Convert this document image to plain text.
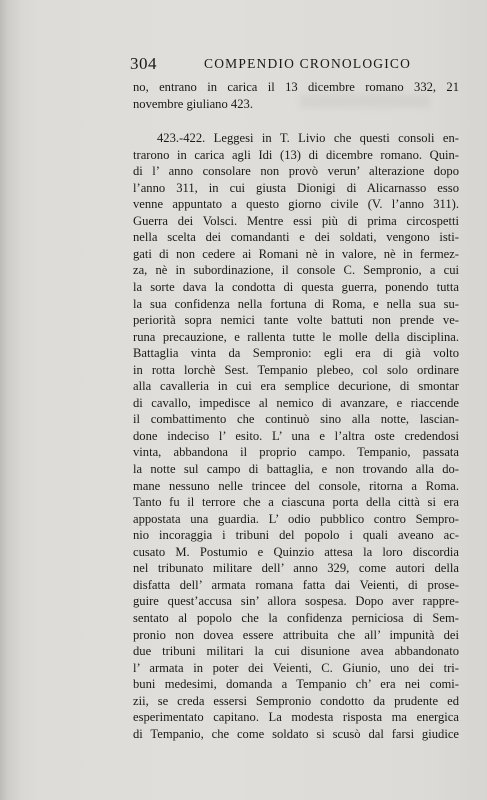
304	COMPENDIO CRONOLOGICO
no, entrano in carica il 13 dicembre romano 332, 21
novembre giuliano 423.
423.-422. Leggesi in T. Livio che questi consoli en-
trarono in carica agli Idi (13) di dicembre romano. Quin-
di l’ anno consolare non provò verun’ alterazione dopo
l’anno 311, in cui giusta Dionigi di Alicarnasso esso
venne appuntato a questo giorno civile (V. l’anno 311).
Guerra dei Volsci. Mentre essi più di prima circospetti
nella scelta dei comandanti e dei soldati, vengono isti-
gati di non cedere ai Romani nè in valore, nè in fermez-
za, nè in subordinazione, il console C. Sempronio, a cui
la sorte dava la condotta di questa guerra, ponendo tutta
la sua confidenza nella fortuna di Roma, e nella sua su-
periorità sopra nemici tante volte battuti non prende ve-
runa precauzione, e rallenta tutte le molle della disciplina.
Battaglia vinta da Sempronio: egli era di già volto
in rotta lorchè Sest. Tempanio plebeo, col solo ordinare
alla cavalleria in cui era semplice decurione, di smontar
di cavallo, impedisce al nemico di avanzare, e riaccende
il combattimento che continuò sino alla notte, lascian-
done indeciso l’ esito. L’ una e l’altra oste credendosi
vinta, abbandona il proprio campo. Tempanio, passata
la notte sul campo di battaglia, e non trovando alla do-
mane nessuno nelle trincee del console, ritorna a Roma.
Tanto fu il terrore che a ciascuna porta della città si era
appostata una guardia. L’ odio pubblico contro Sempro-
nio incoraggia i tribuni del popolo i quali aveano ac-
cusato M. Postumio e Quinzio attesa la loro discordia
nel tribunato militare dell’ anno 329, come autori della
disfatta dell’ armata romana fatta dai Veienti, di prose-
guire quest’accusa sin’ allora sospesa. Dopo aver rappre-
sentato al popolo che la confidenza perniciosa di Sem-
pronio non dovea essere attribuita che all’ impunità dei
due tribuni militari la cui disunione avea abbandonato
l’ armata in poter dei Veienti, C. Giunio, uno dei tri-
buni medesimi, domanda a Tempanio ch’ era nei comi-
zii, se creda essersi Sempronio condotto da prudente ed
esperimentato capitano. La modesta risposta ma energica
di Tempanio, che come soldato si scusò dal farsi giudice
